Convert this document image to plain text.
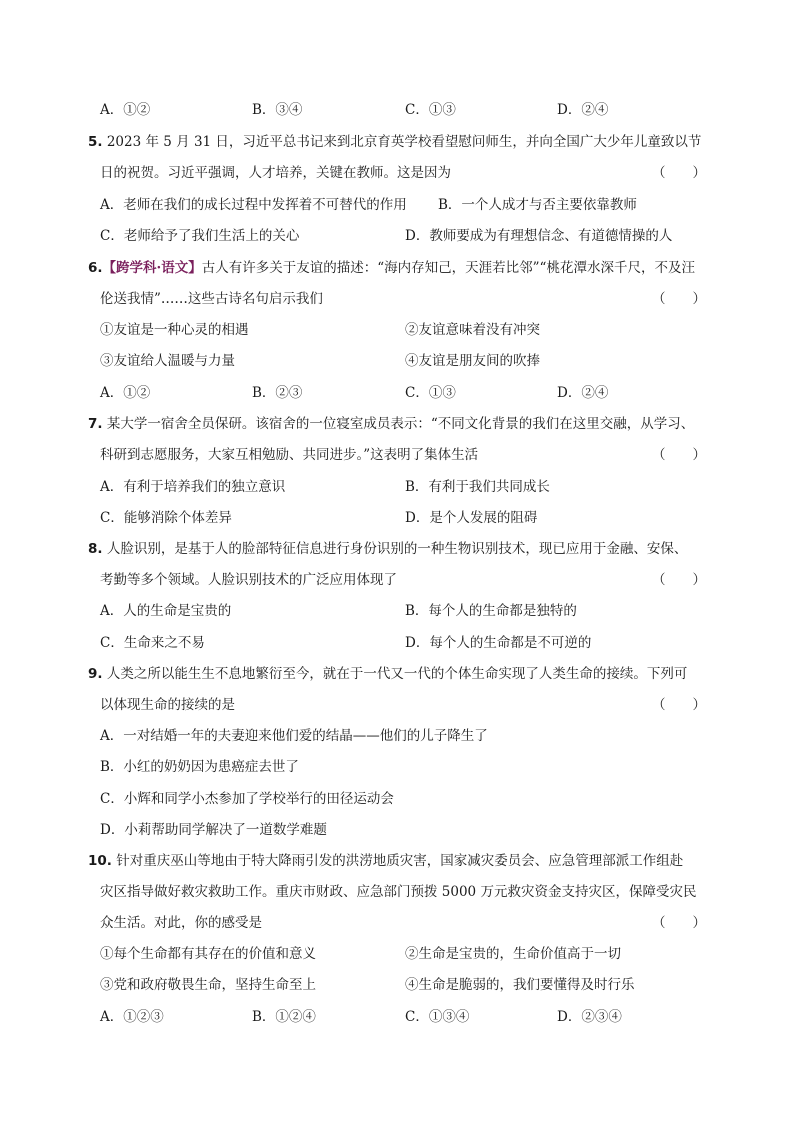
A．①②	B．③④	C．①③	D．②④
5. 2023 年 5 月 31 日，习近平总书记来到北京育英学校看望慰问师生，并向全国广大少年儿童致以节
日的祝贺。习近平强调，人才培养，关键在教师。这是因为	（　　）
A．老师在我们的成长过程中发挥着不可替代的作用 B．一个人成才与否主要依靠教师
C．老师给予了我们生活上的关心	D．教师要成为有理想信念、有道德情操的人
6.【跨学科·语文】古人有许多关于友谊的描述：“海内存知己，天涯若比邻”“桃花潭水深千尺，不及汪
伦送我情”……这些古诗名句启示我们	（　　）
①友谊是一种心灵的相遇	②友谊意味着没有冲突
③友谊给人温暖与力量	④友谊是朋友间的吹捧
A．①②	B．②③	C．①③	D．②④
7. 某大学一宿舍全员保研。该宿舍的一位寝室成员表示：“不同文化背景的我们在这里交融，从学习、
科研到志愿服务，大家互相勉励、共同进步。”这表明了集体生活	（　　）
A．有利于培养我们的独立意识	B．有利于我们共同成长
C．能够消除个体差异	D．是个人发展的阻碍
8. 人脸识别，是基于人的脸部特征信息进行身份识别的一种生物识别技术，现已应用于金融、安保、
考勤等多个领域。人脸识别技术的广泛应用体现了	（　　）
A．人的生命是宝贵的	B．每个人的生命都是独特的
C．生命来之不易	D．每个人的生命都是不可逆的
9. 人类之所以能生生不息地繁衍至今，就在于一代又一代的个体生命实现了人类生命的接续。下列可
以体现生命的接续的是	（　　）
A．一对结婚一年的夫妻迎来他们爱的结晶——他们的儿子降生了
B．小红的奶奶因为患癌症去世了
C．小辉和同学小杰参加了学校举行的田径运动会
D．小莉帮助同学解决了一道数学难题
10. 针对重庆巫山等地由于特大降雨引发的洪涝地质灾害，国家减灾委员会、应急管理部派工作组赴
灾区指导做好救灾救助工作。重庆市财政、应急部门预拨 5000 万元救灾资金支持灾区，保障受灾民
众生活。对此，你的感受是	（　　）
①每个生命都有其存在的价值和意义	②生命是宝贵的，生命价值高于一切
③党和政府敬畏生命，坚持生命至上	④生命是脆弱的，我们要懂得及时行乐
A．①②③	B．①②④	C．①③④	D．②③④
